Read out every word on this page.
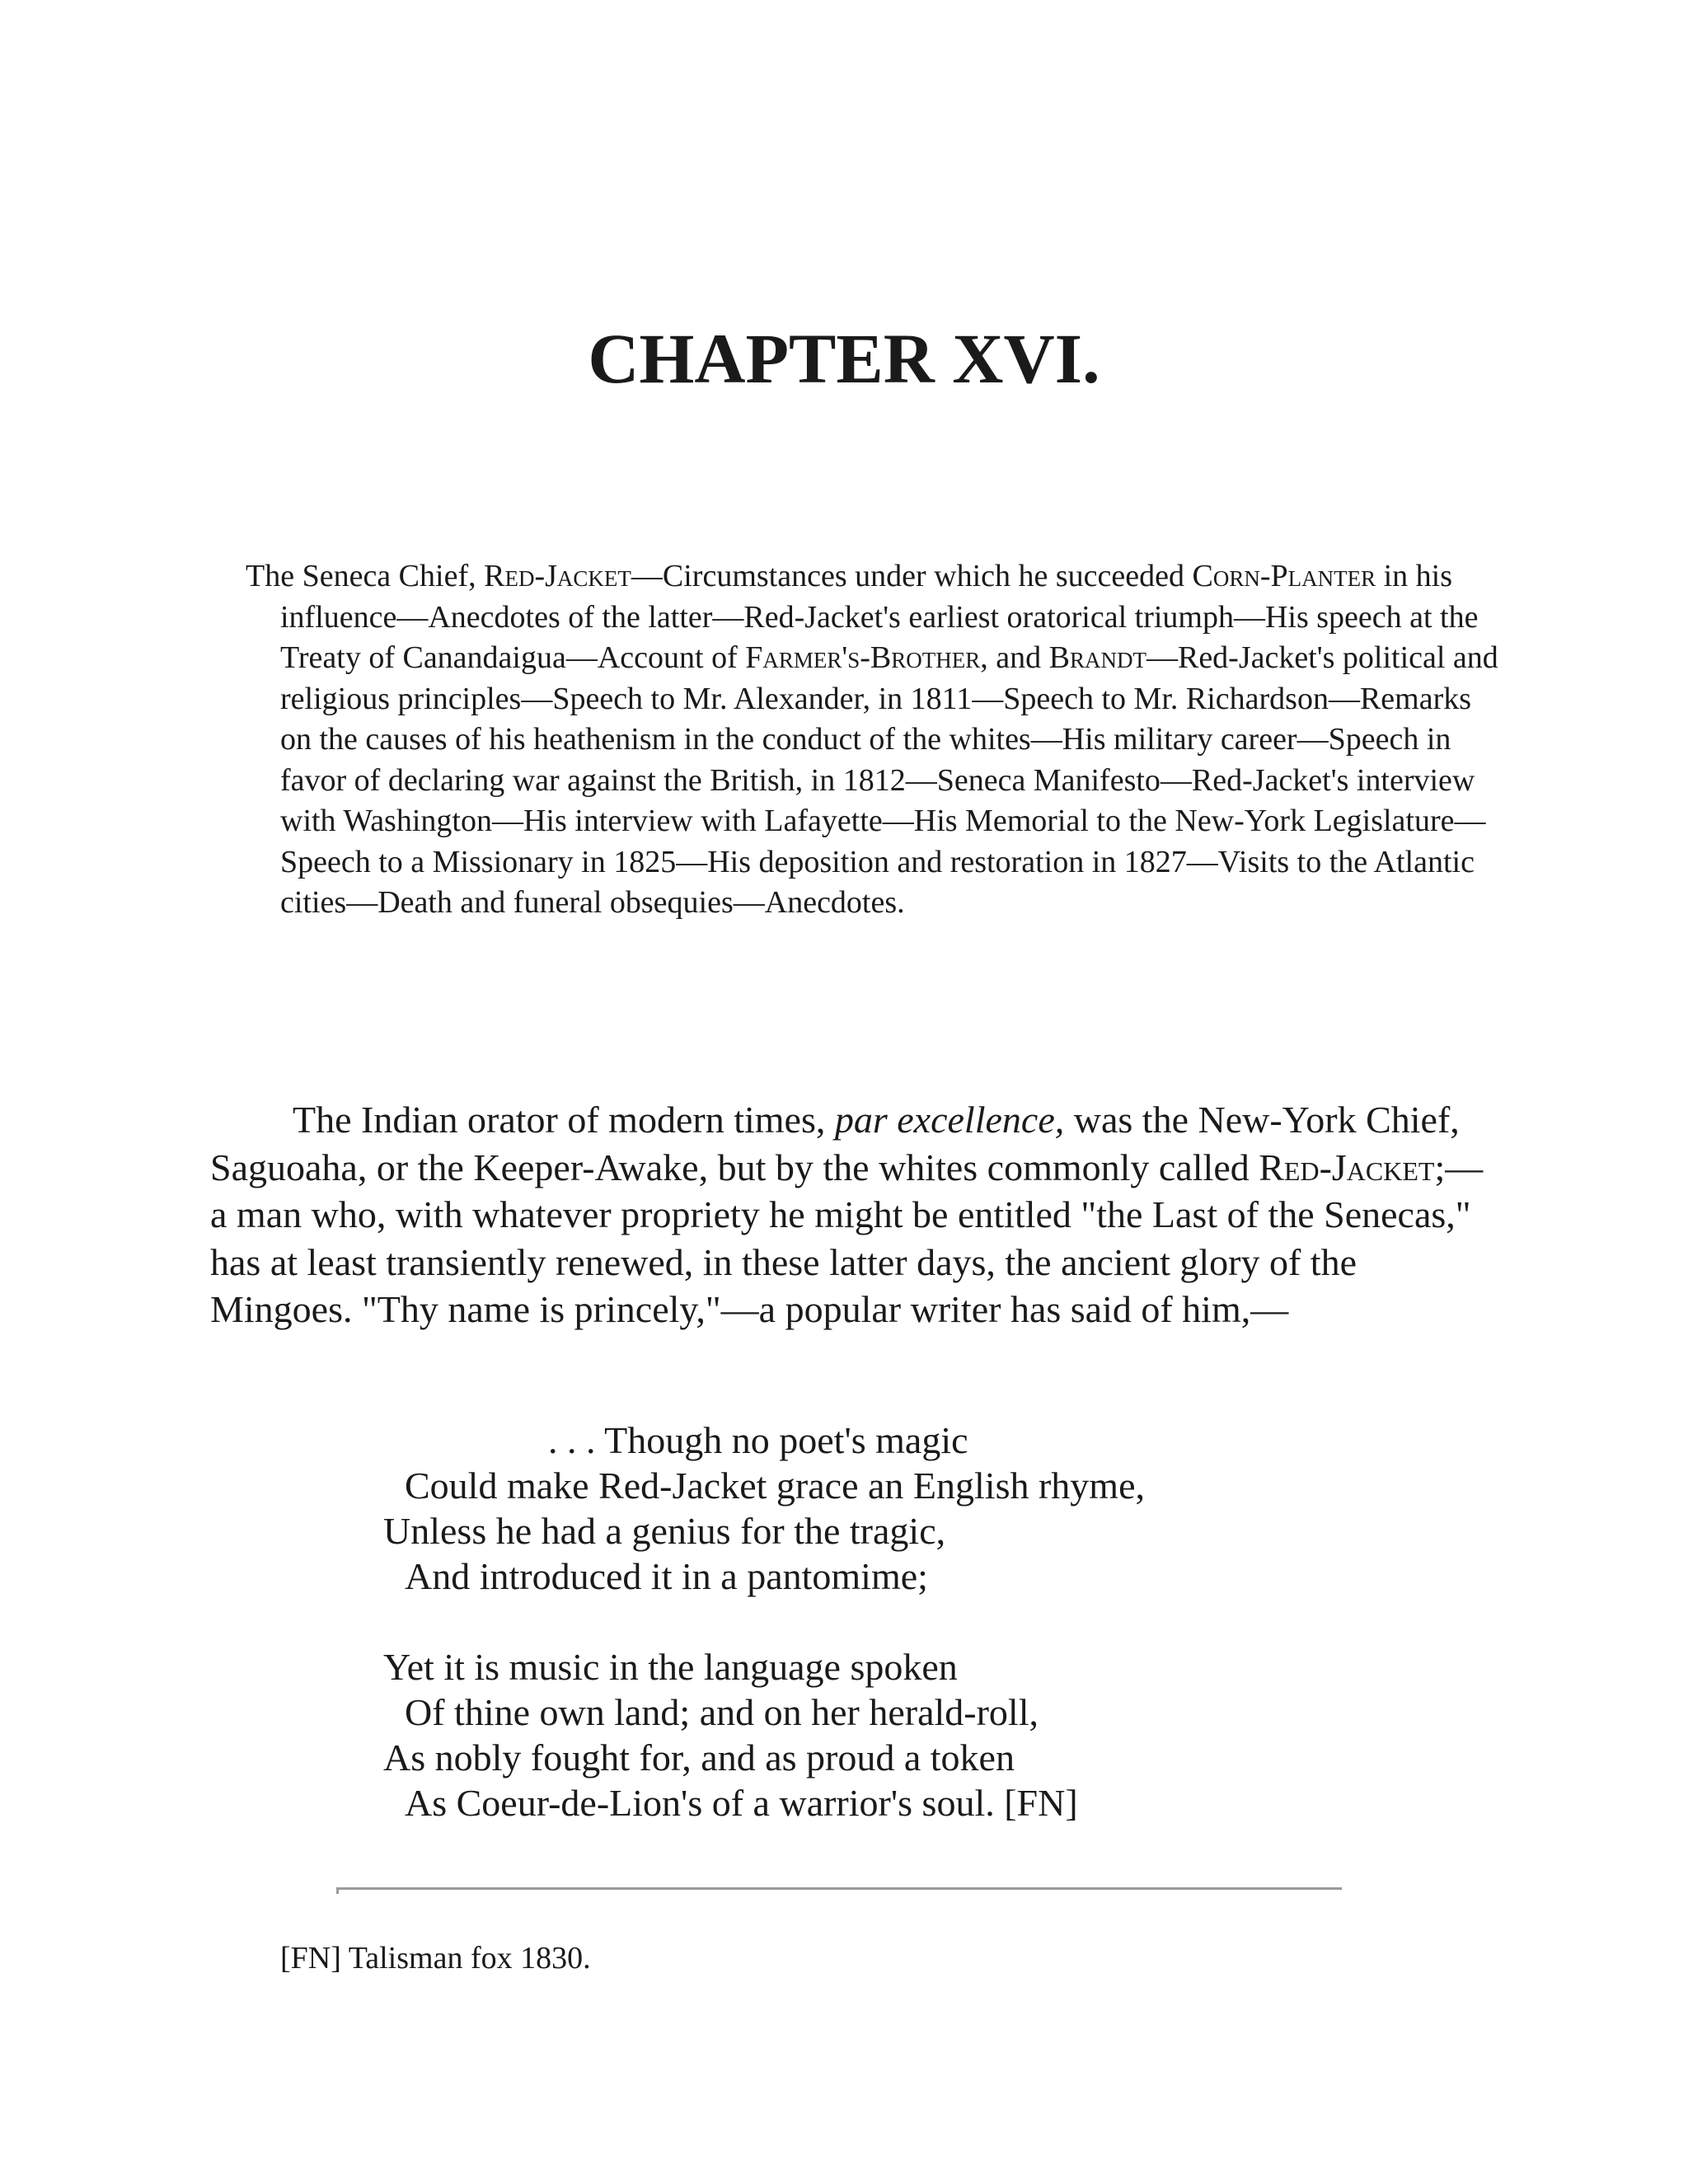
CHAPTER XVI.

The Seneca Chief, Red-Jacket—Circumstances under which he succeeded Corn-Planter in his influence—Anecdotes of the latter—Red-Jacket's earliest oratorical triumph—His speech at the Treaty of Canandaigua—Account of Farmer's-Brother, and Brandt—Red-Jacket's political and religious principles—Speech to Mr. Alexander, in 1811—Speech to Mr. Richardson—Remarks on the causes of his heathenism in the conduct of the whites—His military career—Speech in favor of declaring war against the British, in 1812—Seneca Manifesto—Red-Jacket's interview with Washington—His interview with Lafayette—His Memorial to the New-York Legislature—Speech to a Missionary in 1825—His deposition and restoration in 1827—Visits to the Atlantic cities—Death and funeral obsequies—Anecdotes.

The Indian orator of modern times, par excellence, was the New-York Chief, Saguoaha, or the Keeper-Awake, but by the whites commonly called Red-Jacket;—a man who, with whatever propriety he might be entitled "the Last of the Senecas," has at least transiently renewed, in these latter days, the ancient glory of the Mingoes. "Thy name is princely,"—a popular writer has said of him,—

. . . Though no poet's magic
Could make Red-Jacket grace an English rhyme,
Unless he had a genius for the tragic,
And introduced it in a pantomime;
Yet it is music in the language spoken
Of thine own land; and on her herald-roll,
As nobly fought for, and as proud a token
As Coeur-de-Lion's of a warrior's soul. [FN]

[FN] Talisman fox 1830.
